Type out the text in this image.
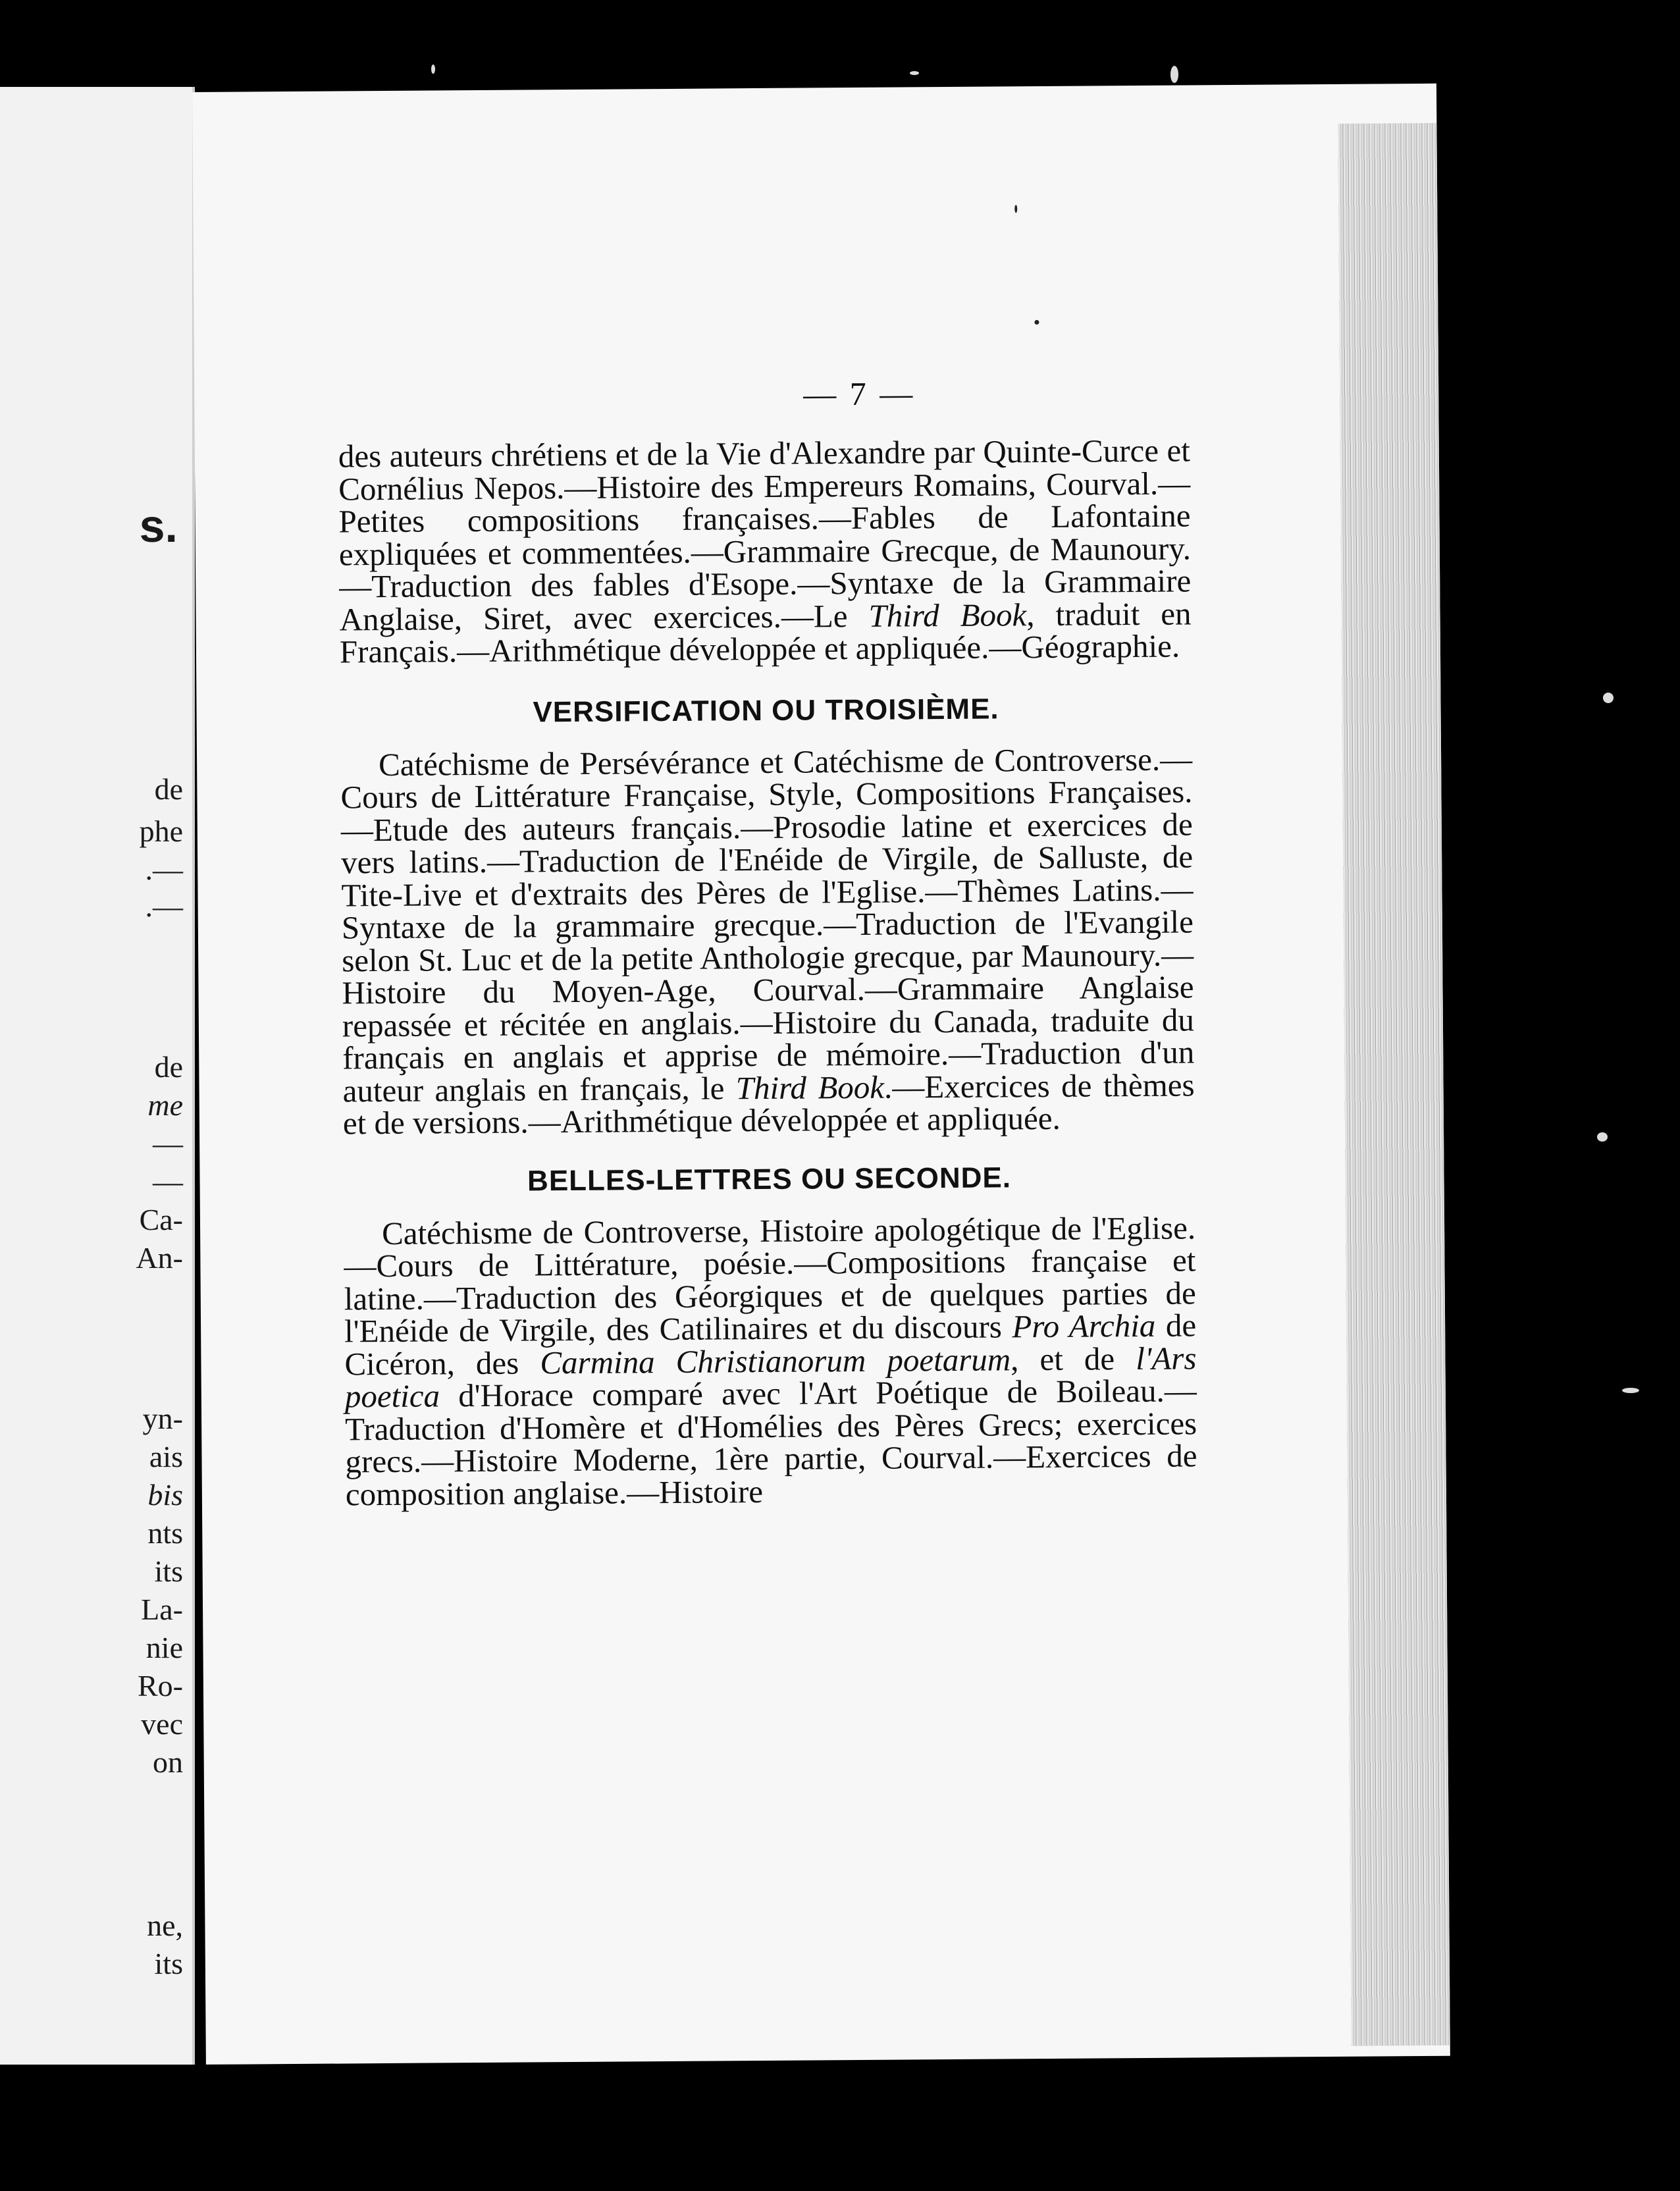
s.
de
phe
.—
.—
de
me
—
—
Ca-
An-
yn-
ais
bis
nts
its
La-
nie
Ro-
vec
on
ne,
its
— 7 —

des auteurs chrétiens et de la Vie d'Alexandre par Quinte-Curce et Cornélius Nepos.—Histoire des Empereurs Romains, Courval.—Petites compositions françaises.—Fables de Lafontaine expliquées et commentées.—Grammaire Grecque, de Maunoury.—Traduction des fables d'Esope.—Syntaxe de la Grammaire Anglaise, Siret, avec exercices.—Le Third Book, traduit en Français.—Arithmétique développée et appliquée.—Géographie.

VERSIFICATION OU TROISIÈME.

Catéchisme de Persévérance et Catéchisme de Controverse.—Cours de Littérature Française, Style, Compositions Françaises.—Etude des auteurs français.—Prosodie latine et exercices de vers latins.—Traduction de l'Enéide de Virgile, de Salluste, de Tite-Live et d'extraits des Pères de l'Eglise.—Thèmes Latins.—Syntaxe de la grammaire grecque.—Traduction de l'Evangile selon St. Luc et de la petite Anthologie grecque, par Maunoury.—Histoire du Moyen-Age, Courval.—Grammaire Anglaise repassée et récitée en anglais.—Histoire du Canada, traduite du français en anglais et apprise de mémoire.—Traduction d'un auteur anglais en français, le Third Book.—Exercices de thèmes et de versions.—Arithmétique développée et appliquée.

BELLES-LETTRES OU SECONDE.

Catéchisme de Controverse, Histoire apologétique de l'Eglise.—Cours de Littérature, poésie.—Compositions française et latine.—Traduction des Géorgiques et de quelques parties de l'Enéide de Virgile, des Catilinaires et du discours Pro Archia de Cicéron, des Carmina Christianorum poetarum, et de l'Ars poetica d'Horace comparé avec l'Art Poétique de Boileau.—Traduction d'Homère et d'Homélies des Pères Grecs; exercices grecs.—Histoire Moderne, 1ère partie, Courval.—Exercices de composition anglaise.—Histoire
